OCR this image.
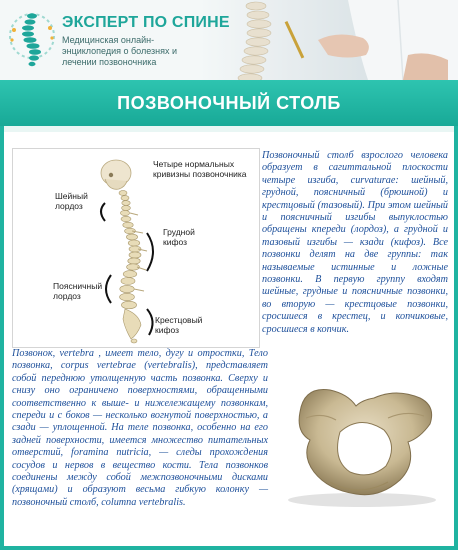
ЭКСПЕРТ ПО СПИНЕ
Медицинская онлайн-энциклопедия о болезнях и лечении позвоночника
ПОЗВОНОЧНЫЙ СТОЛБ
Четыре нормальных
кривизны позвоночника
Шейный
лордоз
Грудной
кифоз
Поясничный
лордоз
Крестцовый
кифоз
Позвоночный столб взрослого человека образует в сагиттальной плоскости четыре изгиба, curvaturae: шейный, грудной, поясничный (брюшной) и крестцовый (тазовый). При этом шейный и поясничный изгибы выпуклостью обращены кпереди (лордоз), а грудной и тазовый изгибы — кзади (кифоз). Все позвонки делят на две группы: так называемые истинные и ложные позвонки. В первую группу входят шейные, грудные и поясничные позвонки, во вторую — крестцовые позвонки, сросшиеся в крестец, и копчиковые, сросшиеся в копчик.
Позвонок, vertebra , имеет тело, дугу и отростки, Тело позвонка, corpus vertebrae (vertebralis), представляет собой переднюю утолщенную часть позвонка. Сверху и снизу оно ограничено поверхностями, обращенными соответственно к выше- и нижележащему позвонкам, спереди и с боков — несколько вогнутой поверхностью, а сзади — уплощенной. На теле позвонка, особенно на его задней поверхности, имеется множество питательных отверстий, foramina nutricia, — следы прохождения сосудов и нервов в вещество кости. Тела позвонков соединены между собой межпозвоночными дисками (хрящами) и образуют весьма гибкую колонку — позвоночный столб, columna vertebralis.
